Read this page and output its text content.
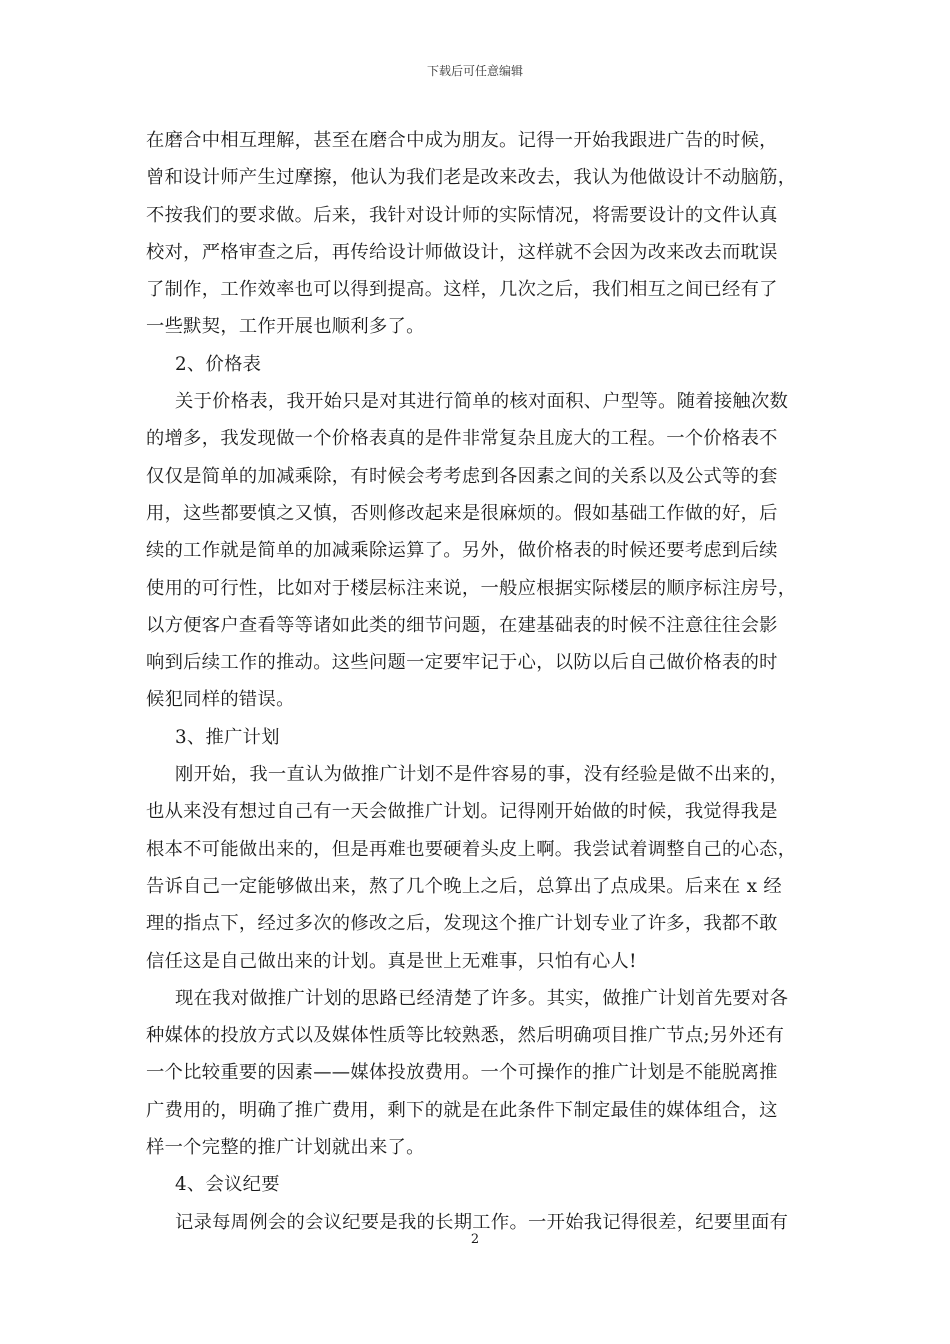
下载后可任意编辑
在磨合中相互理解，甚至在磨合中成为朋友。记得一开始我跟进广告的时候，
曾和设计师产生过摩擦，他认为我们老是改来改去，我认为他做设计不动脑筋，
不按我们的要求做。后来，我针对设计师的实际情况，将需要设计的文件认真
校对，严格审查之后，再传给设计师做设计，这样就不会因为改来改去而耽误
了制作，工作效率也可以得到提高。这样，几次之后，我们相互之间已经有了
一些默契，工作开展也顺利多了。
2、价格表
关于价格表，我开始只是对其进行简单的核对面积、户型等。随着接触次数
的增多，我发现做一个价格表真的是件非常复杂且庞大的工程。一个价格表不
仅仅是简单的加减乘除，有时候会考考虑到各因素之间的关系以及公式等的套
用，这些都要慎之又慎，否则修改起来是很麻烦的。假如基础工作做的好，后
续的工作就是简单的加减乘除运算了。另外，做价格表的时候还要考虑到后续
使用的可行性，比如对于楼层标注来说，一般应根据实际楼层的顺序标注房号，
以方便客户查看等等诸如此类的细节问题，在建基础表的时候不注意往往会影
响到后续工作的推动。这些问题一定要牢记于心，以防以后自己做价格表的时
候犯同样的错误。
3、推广计划
刚开始，我一直认为做推广计划不是件容易的事，没有经验是做不出来的，
也从来没有想过自己有一天会做推广计划。记得刚开始做的时候，我觉得我是
根本不可能做出来的，但是再难也要硬着头皮上啊。我尝试着调整自己的心态，
告诉自己一定能够做出来，熬了几个晚上之后，总算出了点成果。后来在 x 经
理的指点下，经过多次的修改之后，发现这个推广计划专业了许多，我都不敢
信任这是自己做出来的计划。真是世上无难事，只怕有心人!
现在我对做推广计划的思路已经清楚了许多。其实，做推广计划首先要对各
种媒体的投放方式以及媒体性质等比较熟悉，然后明确项目推广节点;另外还有
一个比较重要的因素——媒体投放费用。一个可操作的推广计划是不能脱离推
广费用的，明确了推广费用，剩下的就是在此条件下制定最佳的媒体组合，这
样一个完整的推广计划就出来了。
4、会议纪要
记录每周例会的会议纪要是我的长期工作。一开始我记得很差，纪要里面有
2
